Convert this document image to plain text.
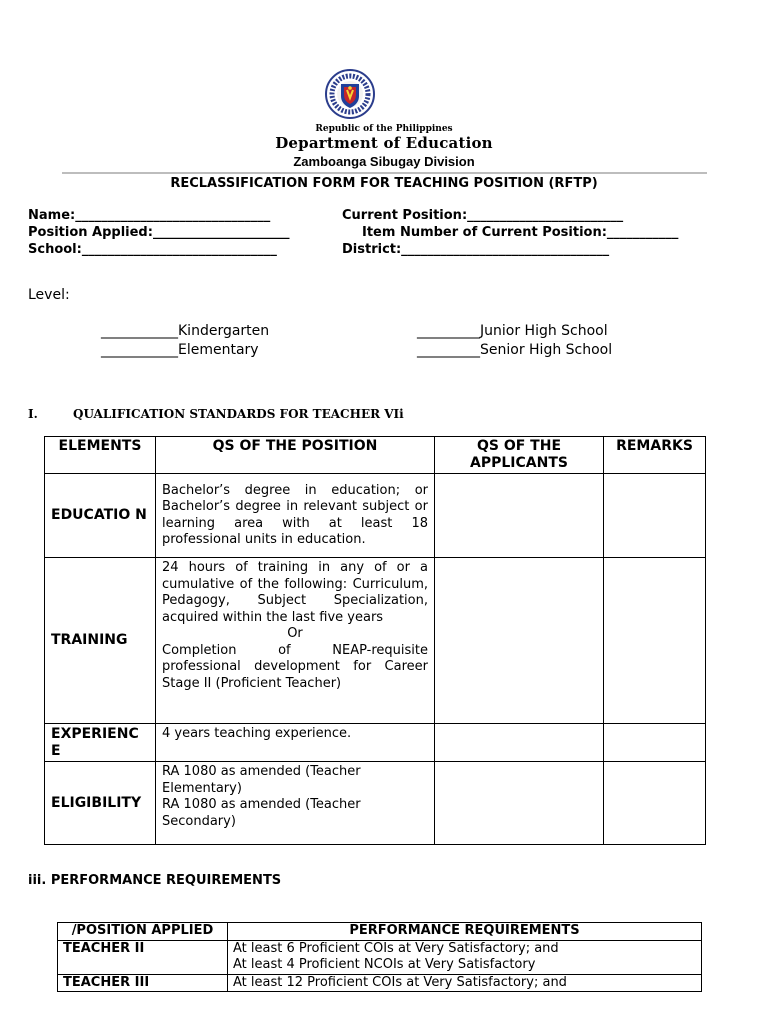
Republic of the Philippines
Department of Education
Zamboanga Sibugay Division
RECLASSIFICATION FORM FOR TEACHING POSITION (RFTP)
Name:______________________________
Position Applied:_____________________
School:______________________________
Current Position:________________________
Item Number of Current Position:___________
District:________________________________
Level:
___________Kindergarten
___________Elementary
_________Junior High School
_________Senior High School
I.	QUALIFICATION STANDARDS FOR TEACHER VIi
ELEMENTS	QS OF THE POSITION	QS OF THE APPLICANTS	REMARKS
EDUCATIO N	Bachelor’s degree in education; or Bachelor’s degree in relevant subject or learning area with at least 18 professional units in education.		
TRAINING	24 hours of training in any of or a cumulative of the following: Curriculum, Pedagogy, Subject Specialization, acquired within the last five years
Or
Completion of NEAP-requisite professional development for Career Stage II (Proficient Teacher)		

EXPERIENC E	4 years teaching experience.		
ELIGIBILITY	RA 1080 as amended (Teacher Elementary)
RA 1080 as amended (Teacher Secondary)		

iii. PERFORMANCE REQUIREMENTS
/POSITION APPLIED	PERFORMANCE REQUIREMENTS
TEACHER II	At least 6 Proficient COIs at Very Satisfactory; and
At least 4 Proficient NCOIs at Very Satisfactory

TEACHER III	At least 12 Proficient COIs at Very Satisfactory; and
